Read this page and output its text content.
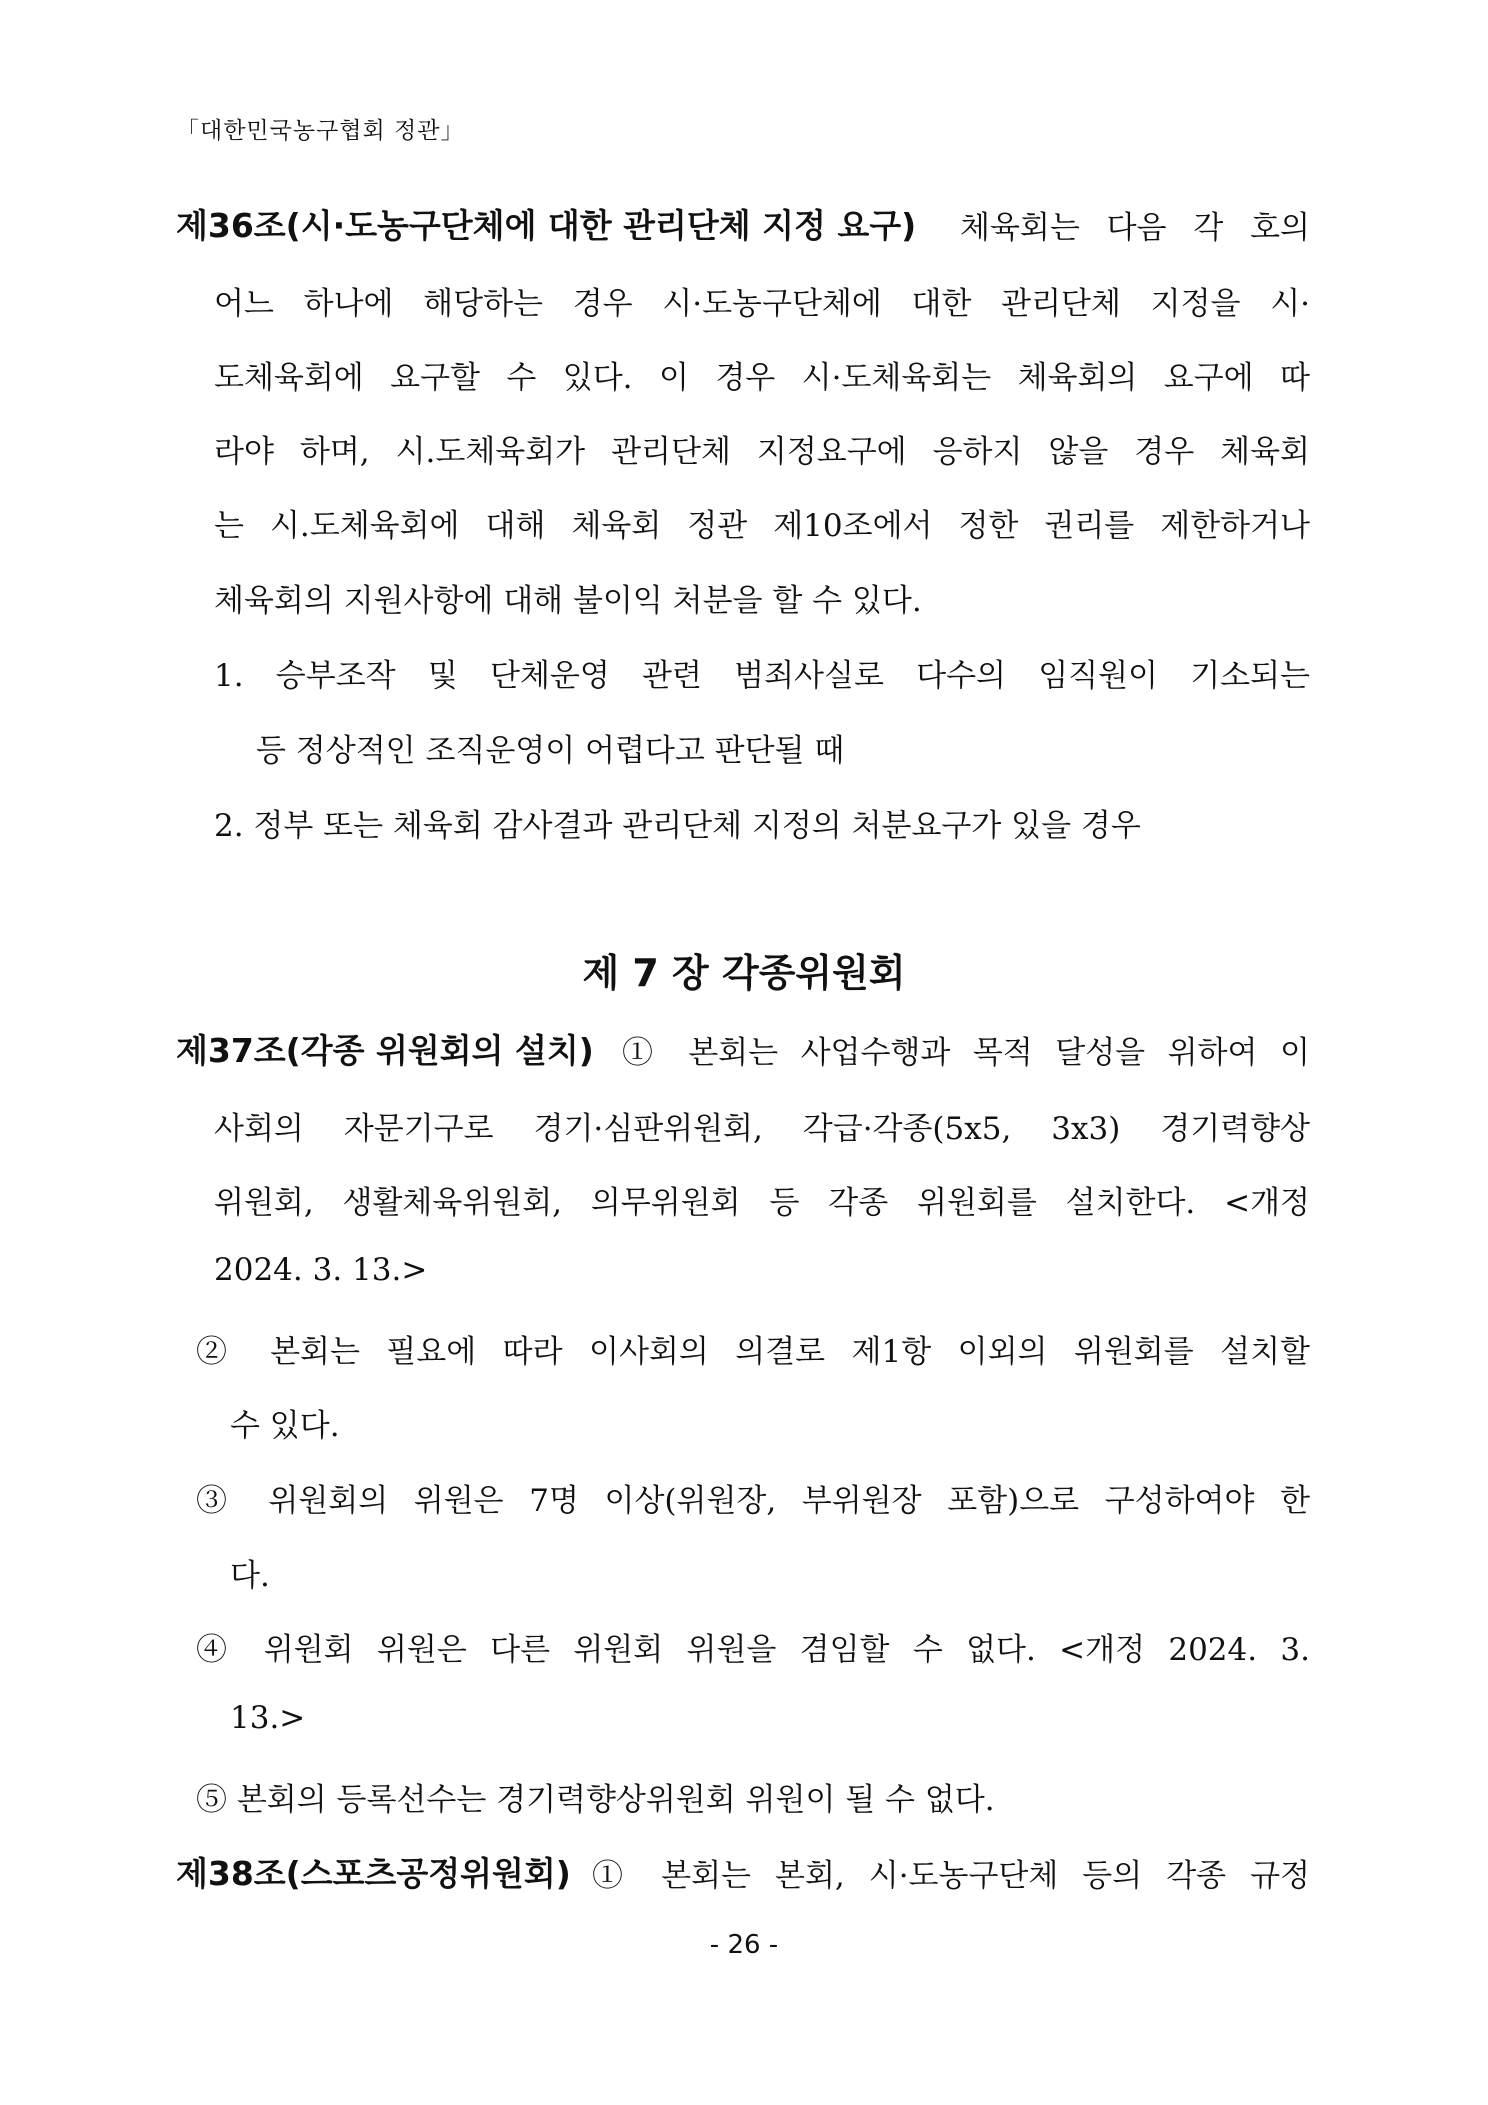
「대한민국농구협회 정관」
제36조(시·도농구단체에 대한 관리단체 지정 요구) 체육회는 다음 각 호의
어느 하나에 해당하는 경우 시·도농구단체에 대한 관리단체 지정을 시·
도체육회에 요구할 수 있다. 이 경우 시·도체육회는 체육회의 요구에 따
라야 하며, 시.도체육회가 관리단체 지정요구에 응하지 않을 경우 체육회
는 시.도체육회에 대해 체육회 정관 제10조에서 정한 권리를 제한하거나
체육회의 지원사항에 대해 불이익 처분을 할 수 있다.
1. 승부조작 및 단체운영 관련 범죄사실로 다수의 임직원이 기소되는
등 정상적인 조직운영이 어렵다고 판단될 때
2. 정부 또는 체육회 감사결과 관리단체 지정의 처분요구가 있을 경우
제 7 장 각종위원회
제37조(각종 위원회의 설치) ① 본회는 사업수행과 목적 달성을 위하여 이
사회의 자문기구로 경기·심판위원회, 각급·각종(5x5, 3x3) 경기력향상
위원회, 생활체육위원회, 의무위원회 등 각종 위원회를 설치한다. <개정
2024. 3. 13.>
② 본회는 필요에 따라 이사회의 의결로 제1항 이외의 위원회를 설치할
수 있다.
③ 위원회의 위원은 7명 이상(위원장, 부위원장 포함)으로 구성하여야 한
다.
④ 위원회 위원은 다른 위원회 위원을 겸임할 수 없다. <개정 2024. 3.
13.>
⑤ 본회의 등록선수는 경기력향상위원회 위원이 될 수 없다.
제38조(스포츠공정위원회) ① 본회는 본회, 시·도농구단체 등의 각종 규정
- 26 -
